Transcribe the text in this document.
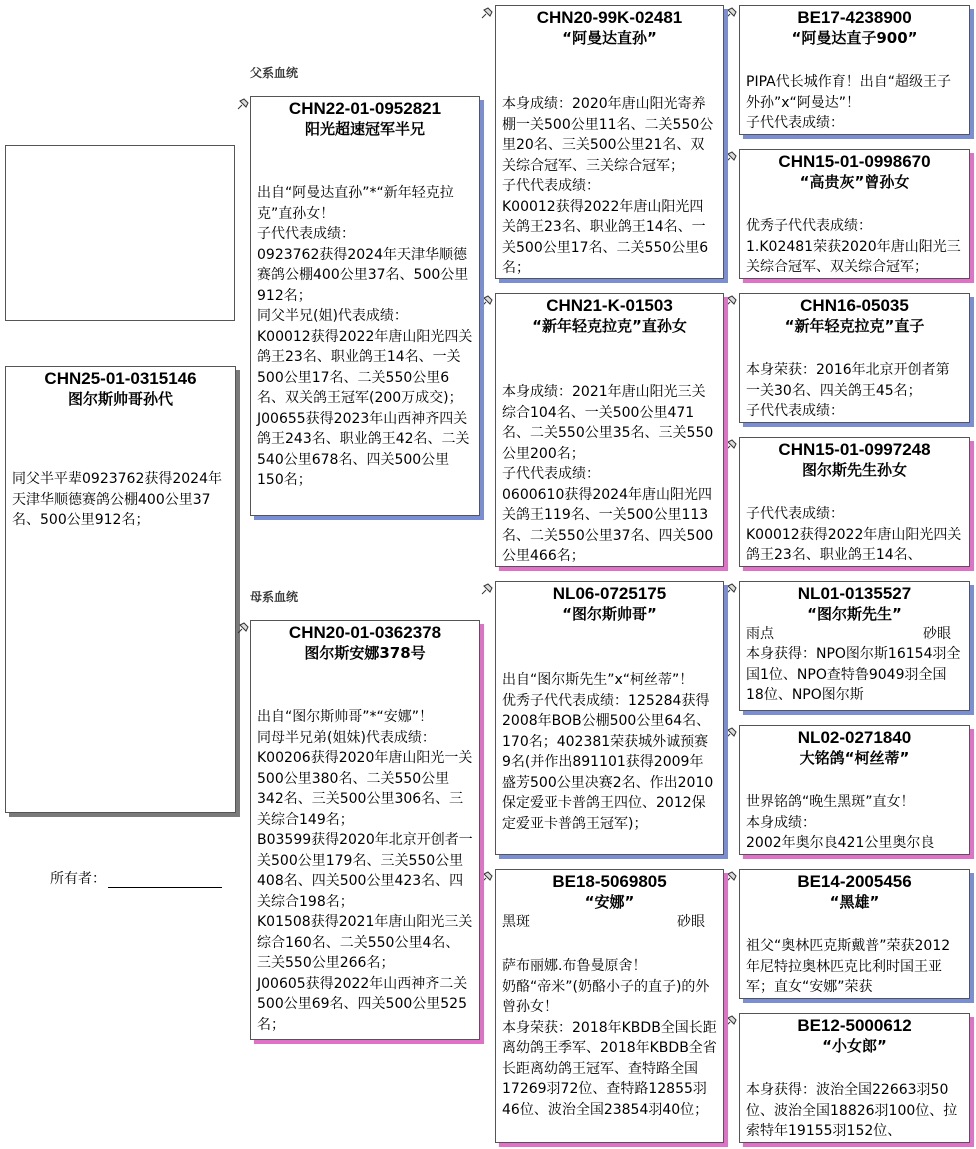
CHN25-01-0315146
图尔斯帅哥孙代
同父半平辈0923762获得2024年天津华顺德赛鸽公棚400公里37名、500公里912名；
所有者：
父系血统
母系血统
CHN22-01-0952821
阳光超速冠军半兄
出自“阿曼达直孙”*“新年轻克拉克”直孙女！
子代代表成绩：
0923762获得2024年天津华顺德赛鸽公棚400公里37名、500公里912名；
同父半兄(姐)代表成绩：
K00012获得2022年唐山阳光四关鸽王23名、职业鸽王14名、一关500公里17名、二关550公里6名、双关鸽王冠军(200万成交)；
J00655获得2023年山西神齐四关鸽王243名、职业鸽王42名、二关540公里678名、四关500公里150名；
CHN20-01-0362378
图尔斯安娜378号
出自“图尔斯帅哥”*“安娜”！
同母半兄弟(姐妹)代表成绩：
K00206获得2020年唐山阳光一关500公里380名、二关550公里342名、三关500公里306名、三关综合149名；
B03599获得2020年北京开创者一关500公里179名、三关550公里408名、四关500公里423名、四关综合198名；
K01508获得2021年唐山阳光三关综合160名、二关550公里4名、三关550公里266名；
J00605获得2022年山西神齐二关500公里69名、四关500公里525名；
CHN20-99K-02481
“阿曼达直孙”
本身成绩：2020年唐山阳光寄养棚一关500公里11名、二关550公里20名、三关500公里21名、双关综合冠军、三关综合冠军；
子代代表成绩：
K00012获得2022年唐山阳光四关鸽王23名、职业鸽王14名、一关500公里17名、二关550公里6名；
CHN21-K-01503
“新年轻克拉克”直孙女
本身成绩：2021年唐山阳光三关综合104名、一关500公里471名、二关550公里35名、三关550公里200名；
子代代表成绩：
0600610获得2024年唐山阳光四关鸽王119名、一关500公里113名、二关550公里37名、四关500公里466名；
NL06-0725175
“图尔斯帅哥”
出自“图尔斯先生”x“柯丝蒂”！
优秀子代代表成绩：125284获得2008年BOB公棚500公里64名、170名；402381荣获城外诚预赛9名(并作出891101获得2009年盛芳500公里决赛2名、作出2010保定爱亚卡普鸽王四位、2012保定爱亚卡普鸽王冠军)；
BE18-5069805
“安娜”
黑斑	砂眼
萨布丽娜.布鲁曼原舍！
奶酪“帝米”(奶酪小子的直子)的外曾孙女！
本身荣获：2018年KBDB全国长距离幼鸽王季军、2018年KBDB全省长距离幼鸽王冠军、查特路全国17269羽72位、查特路12855羽46位、波治全国23854羽40位；
BE17-4238900
“阿曼达直子900”
PIPA代长城作育！出自“超级王子外孙”x“阿曼达”！
子代代表成绩：
CHN15-01-0998670
“高贵灰”曾孙女
优秀子代代表成绩：
1.K02481荣获2020年唐山阳光三关综合冠军、双关综合冠军；
CHN16-05035
“新年轻克拉克”直子
本身荣获：2016年北京开创者第一关30名、四关鸽王45名；
子代代表成绩：
CHN15-01-0997248
图尔斯先生孙女
子代代表成绩：
K00012获得2022年唐山阳光四关鸽王23名、职业鸽王14名、
NL01-0135527
“图尔斯先生”
雨点	砂眼
本身获得：NPO图尔斯16154羽全国1位、NPO查特鲁9049羽全国18位、NPO图尔斯
NL02-0271840
大铭鸽“柯丝蒂”
世界铭鸽“晚生黑斑”直女！
本身成绩：
2002年奥尔良421公里奥尔良
BE14-2005456
“黑雄”
祖父“奥林匹克斯戴普”荣获2012年尼特拉奥林匹克比利时国王亚军；直女“安娜”荣获
BE12-5000612
“小女郎”
本身获得：波治全国22663羽50位、波治全国18826羽100位、拉索特年19155羽152位、
